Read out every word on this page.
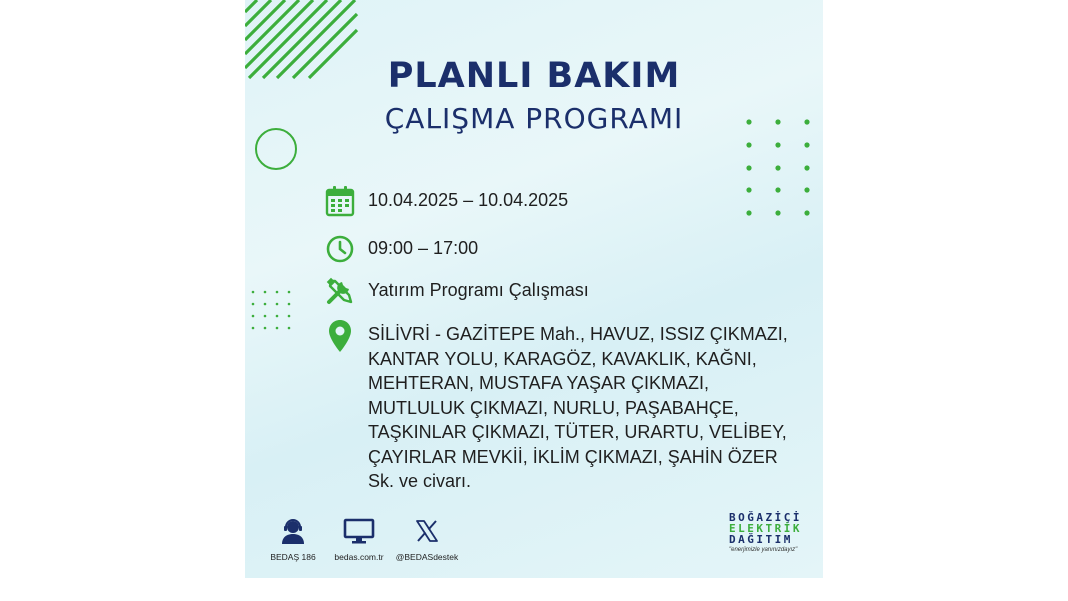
PLANLI BAKIM
ÇALIŞMA PROGRAMI
10.04.2025 – 10.04.2025
09:00 – 17:00
Yatırım Programı Çalışması
SİLİVRİ - GAZİTEPE Mah., HAVUZ, ISSIZ ÇIKMAZI, KANTAR YOLU, KARAGÖZ, KAVAKLIK, KAĞNI, MEHTERAN, MUSTAFA YAŞAR ÇIKMAZI, MUTLULUK ÇIKMAZI, NURLU, PAŞABAHÇE, TAŞKINLAR ÇIKMAZI, TÜTER, URARTU, VELİBEY, ÇAYIRLAR MEVKİİ, İKLİM ÇIKMAZI, ŞAHİN ÖZER Sk. ve civarı.
BEDAŞ 186	bedas.com.tr	@BEDASdestek
BOĞAZİÇİ
ELEKTRİK
DAĞITIM
"enerjimizle yanınızdayız"
